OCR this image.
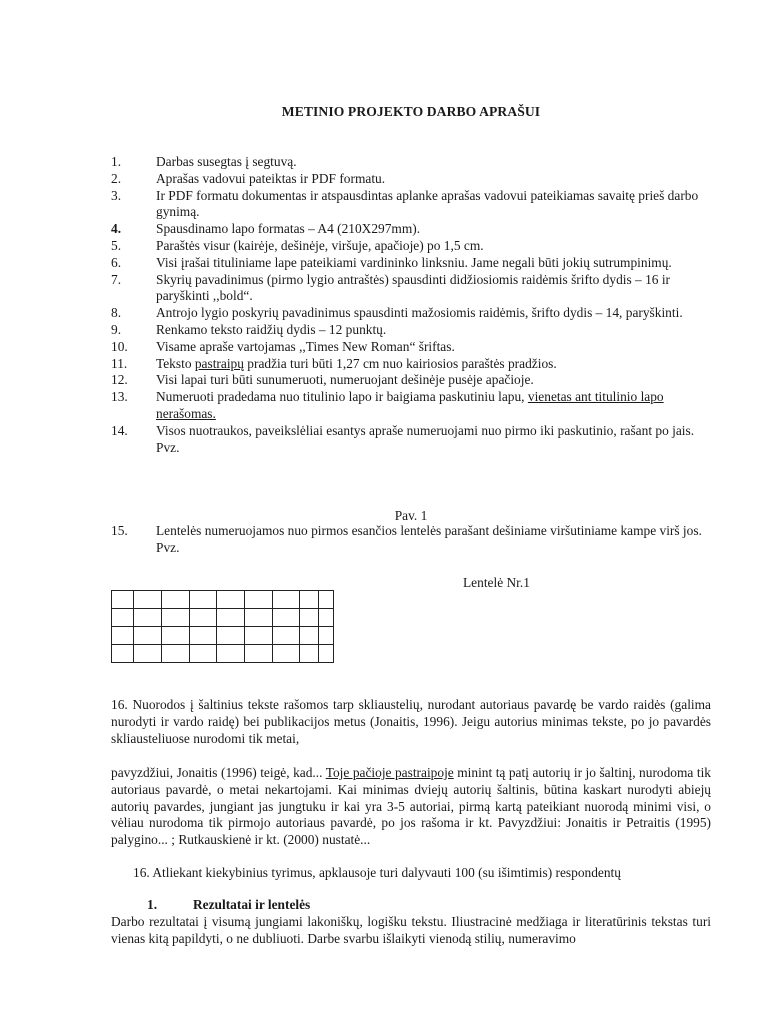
METINIO PROJEKTO DARBO APRAŠUI
1.	Darbas susegtas į segtuvą.
2.	Aprašas vadovui pateiktas ir PDF formatu.
3.	Ir PDF formatu dokumentas ir atspausdintas aplanke aprašas vadovui pateikiamas savaitę prieš darbo gynimą.
4.	Spausdinamo lapo formatas – A4 (210X297mm).
5.	Paraštės visur (kairėje, dešinėje, viršuje, apačioje) po 1,5 cm.
6.	Visi įrašai tituliniame lape pateikiami vardininko linksniu. Jame negali būti jokių sutrumpinimų.
7.	Skyrių pavadinimus (pirmo lygio antraštės) spausdinti didžiosiomis raidėmis šrifto dydis – 16 ir paryškinti ,,bold“.
8.	Antrojo lygio poskyrių pavadinimus spausdinti mažosiomis raidėmis, šrifto dydis – 14, paryškinti.
9.	Renkamo teksto raidžių dydis – 12 punktų.
10. Visame apraše vartojamas ,,Times New Roman“ šriftas.
11. Teksto pastraipų pradžia turi būti 1,27 cm nuo kairiosios paraštės pradžios.
12. Visi lapai turi būti sunumeruoti, numeruojant dešinėje pusėje apačioje.
13. Numeruoti pradedama nuo titulinio lapo ir baigiama paskutiniu lapu, vienetas ant titulinio lapo nerašomas.
14. Visos nuotraukos, paveikslėliai esantys apraše numeruojami nuo pirmo iki paskutinio, rašant po jais. Pvz.
Pav. 1
15. Lentelės numeruojamos nuo pirmos esančios lentelės parašant dešiniame viršutiniame kampe virš jos. Pvz.
Lentelė Nr.1

16. Nuorodos į šaltinius tekste rašomos tarp skliaustelių, nurodant autoriaus pavardę be vardo raidės (galima nurodyti ir vardo raidę) bei publikacijos metus (Jonaitis, 1996). Jeigu autorius minimas tekste, po jo pavardės skliausteliuose nurodomi tik metai,
pavyzdžiui, Jonaitis (1996) teigė, kad... Toje pačioje pastraipoje minint tą patį autorių ir jo šaltinį, nurodoma tik autoriaus pavardė, o metai nekartojami. Kai minimas dviejų autorių šaltinis, būtina kaskart nurodyti abiejų autorių pavardes, jungiant jas jungtuku ir kai yra 3-5 autoriai, pirmą kartą pateikiant nuorodą minimi visi, o vėliau nurodoma tik pirmojo autoriaus pavardė, po jos rašoma ir kt. Pavyzdžiui: Jonaitis ir Petraitis (1995) palygino... ; Rutkauskienė ir kt. (2000) nustatė...
16. Atliekant kiekybinius tyrimus, apklausoje turi dalyvauti 100 (su išimtimis) respondentų
1.	Rezultatai ir lentelės
Darbo rezultatai į visumą jungiami lakoniškų, logišku tekstu. Iliustracinė medžiaga ir literatūrinis tekstas turi vienas kitą papildyti, o ne dubliuoti. Darbe svarbu išlaikyti vienodą stilių, numeravimo
